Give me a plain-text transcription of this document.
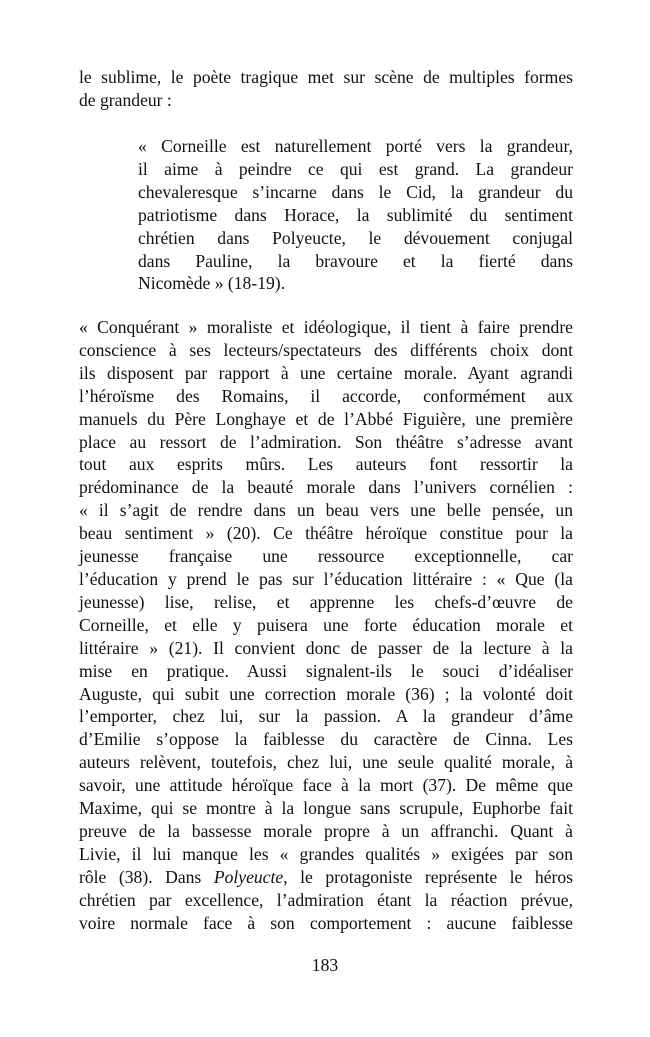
le sublime, le poète tragique met sur scène de multiples formes
de grandeur :

« Corneille est naturellement porté vers la grandeur,
il aime à peindre ce qui est grand. La grandeur
chevaleresque s’incarne dans le Cid, la grandeur du
patriotisme dans Horace, la sublimité du sentiment
chrétien dans Polyeucte, le dévouement conjugal
dans Pauline, la bravoure et la fierté dans
Nicomède » (18-19).

« Conquérant » moraliste et idéologique, il tient à faire prendre
conscience à ses lecteurs/spectateurs des différents choix dont
ils disposent par rapport à une certaine morale. Ayant agrandi
l’héroïsme des Romains, il accorde, conformément aux
manuels du Père Longhaye et de l’Abbé Figuière, une première
place au ressort de l’admiration. Son théâtre s’adresse avant
tout aux esprits mûrs. Les auteurs font ressortir la
prédominance de la beauté morale dans l’univers cornélien :
« il s’agit de rendre dans un beau vers une belle pensée, un
beau sentiment » (20). Ce théâtre héroïque constitue pour la
jeunesse française une ressource exceptionnelle, car
l’éducation y prend le pas sur l’éducation littéraire : « Que (la
jeunesse) lise, relise, et apprenne les chefs-d’œuvre de
Corneille, et elle y puisera une forte éducation morale et
littéraire » (21). Il convient donc de passer de la lecture à la
mise en pratique. Aussi signalent-ils le souci d’idéaliser
Auguste, qui subit une correction morale (36) ; la volonté doit
l’emporter, chez lui, sur la passion. A la grandeur d’âme
d’Emilie s’oppose la faiblesse du caractère de Cinna. Les
auteurs relèvent, toutefois, chez lui, une seule qualité morale, à
savoir, une attitude héroïque face à la mort (37). De même que
Maxime, qui se montre à la longue sans scrupule, Euphorbe fait
preuve de la bassesse morale propre à un affranchi. Quant à
Livie, il lui manque les « grandes qualités » exigées par son
rôle (38). Dans Polyeucte, le protagoniste représente le héros
chrétien par excellence, l’admiration étant la réaction prévue,
voire normale face à son comportement : aucune faiblesse

183
